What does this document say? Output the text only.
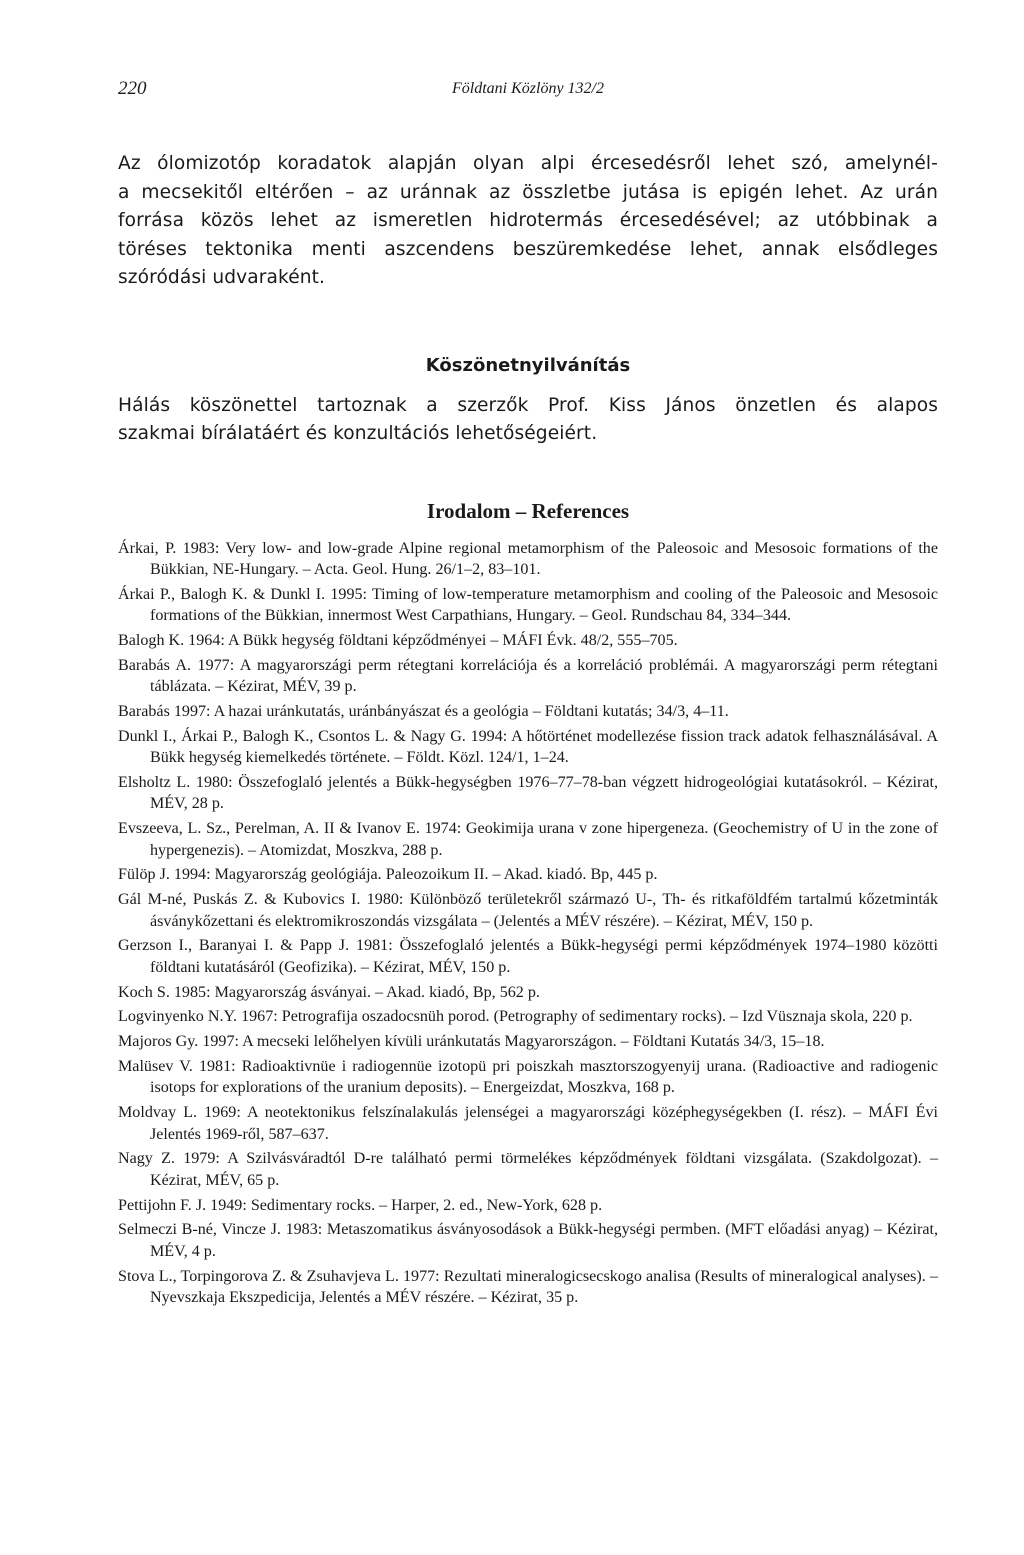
220	Földtani Közlöny 132/2

Az ólomizotóp koradatok alapján olyan alpi ércesedésről lehet szó, amelynél-
a mecsekitől eltérően – az uránnak az összletbe jutása is epigén lehet. Az urán
forrása közös lehet az ismeretlen hidrotermás ércesedésével; az utóbbinak a
töréses tektonika menti aszcendens beszüremkedése lehet, annak elsődleges
szóródási udvaraként.

Köszönetnyilvánítás

Hálás köszönettel tartoznak a szerzők Prof. Kiss János önzetlen és alapos
szakmai bírálatáért és konzultációs lehetőségeiért.

Irodalom – References

Árkai, P. 1983: Very low- and low-grade Alpine regional metamorphism of the Paleosoic and Mesosoic formations of the Bükkian, NE-Hungary. – Acta. Geol. Hung. 26/1–2, 83–101.

Árkai P., Balogh K. & Dunkl I. 1995: Timing of low-temperature metamorphism and cooling of the Paleosoic and Mesosoic formations of the Bükkian, innermost West Carpathians, Hungary. – Geol. Rundschau 84, 334–344.

Balogh K. 1964: A Bükk hegység földtani képződményei – MÁFI Évk. 48/2, 555–705.

Barabás A. 1977: A magyarországi perm rétegtani korrelációja és a korreláció problémái. A magyarországi perm rétegtani táblázata. – Kézirat, MÉV, 39 p.

Barabás 1997: A hazai uránkutatás, uránbányászat és a geológia – Földtani kutatás; 34/3, 4–11.

Dunkl I., Árkai P., Balogh K., Csontos L. & Nagy G. 1994: A hőtörténet modellezése fission track adatok felhasználásával. A Bükk hegység kiemelkedés története. – Földt. Közl. 124/1, 1–24.

Elsholtz L. 1980: Összefoglaló jelentés a Bükk-hegységben 1976–77–78-ban végzett hidrogeológiai kutatásokról. – Kézirat, MÉV, 28 p.

Evszeeva, L. Sz., Perelman, A. II & Ivanov E. 1974: Geokimija urana v zone hipergeneza. (Geochemistry of U in the zone of hypergenezis). – Atomizdat, Moszkva, 288 p.

Fülöp J. 1994: Magyarország geológiája. Paleozoikum II. – Akad. kiadó. Bp, 445 p.

Gál M-né, Puskás Z. & Kubovics I. 1980: Különböző területekről származó U-, Th- és ritkaföldfém tartalmú kőzetminták ásványkőzettani és elektromikroszondás vizsgálata – (Jelentés a MÉV részére). – Kézirat, MÉV, 150 p.

Gerzson I., Baranyai I. & Papp J. 1981: Összefoglaló jelentés a Bükk-hegységi permi képződmények 1974–1980 közötti földtani kutatásáról (Geofizika). – Kézirat, MÉV, 150 p.

Koch S. 1985: Magyarország ásványai. – Akad. kiadó, Bp, 562 p.

Logvinyenko N.Y. 1967: Petrografija oszadocsnüh porod. (Petrography of sedimentary rocks). – Izd Vüsznaja skola, 220 p.

Majoros Gy. 1997: A mecseki lelőhelyen kívüli uránkutatás Magyarországon. – Földtani Kutatás 34/3, 15–18.

Malüsev V. 1981: Radioaktivnüe i radiogennüe izotopü pri poiszkah masztorszogyenyij urana. (Radioactive and radiogenic isotops for explorations of the uranium deposits). – Energeizdat, Moszkva, 168 p.

Moldvay L. 1969: A neotektonikus felszínalakulás jelenségei a magyarországi középhegységekben (I. rész). – MÁFI Évi Jelentés 1969-ről, 587–637.

Nagy Z. 1979: A Szilvásváradtól D-re található permi törmelékes képződmények földtani vizsgálata. (Szakdolgozat). – Kézirat, MÉV, 65 p.

Pettijohn F. J. 1949: Sedimentary rocks. – Harper, 2. ed., New-York, 628 p.

Selmeczi B-né, Vincze J. 1983: Metaszomatikus ásványosodások a Bükk-hegységi permben. (MFT előadási anyag) – Kézirat, MÉV, 4 p.

Stova L., Torpingorova Z. & Zsuhavjeva L. 1977: Rezultati mineralogicsecskogo analisa (Results of mineralogical analyses). – Nyevszkaja Ekszpedicija, Jelentés a MÉV részére. – Kézirat, 35 p.
